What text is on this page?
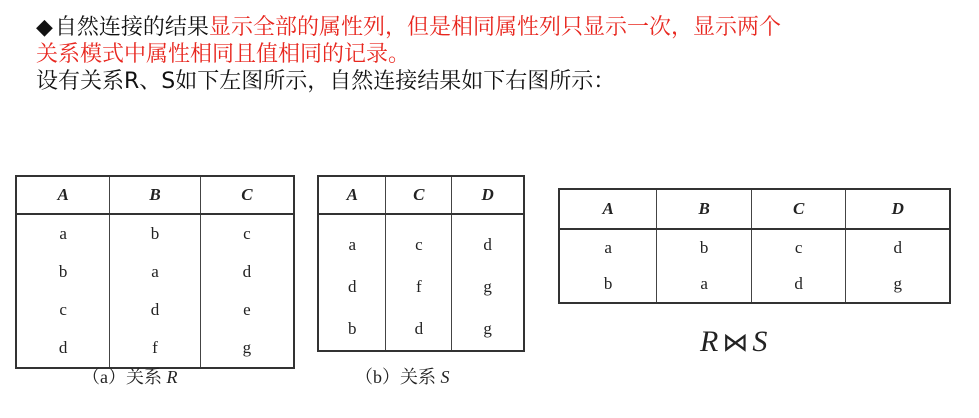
◆自然连接的结果显示全部的属性列，但是相同属性列只显示一次，显示两个
关系模式中属性相同且值相同的记录。
设有关系R、S如下左图所示，自然连接结果如下右图所示：
A	B	C
a	b	c
b	a	d
c	d	e
d	f	g
A	C	D
a	c	d
d	f	g
b	d	g
A	B	C	D
a	b	c	d
b	a	d	g
（a）关系 R	（b）关系 S
R ⋈ S
